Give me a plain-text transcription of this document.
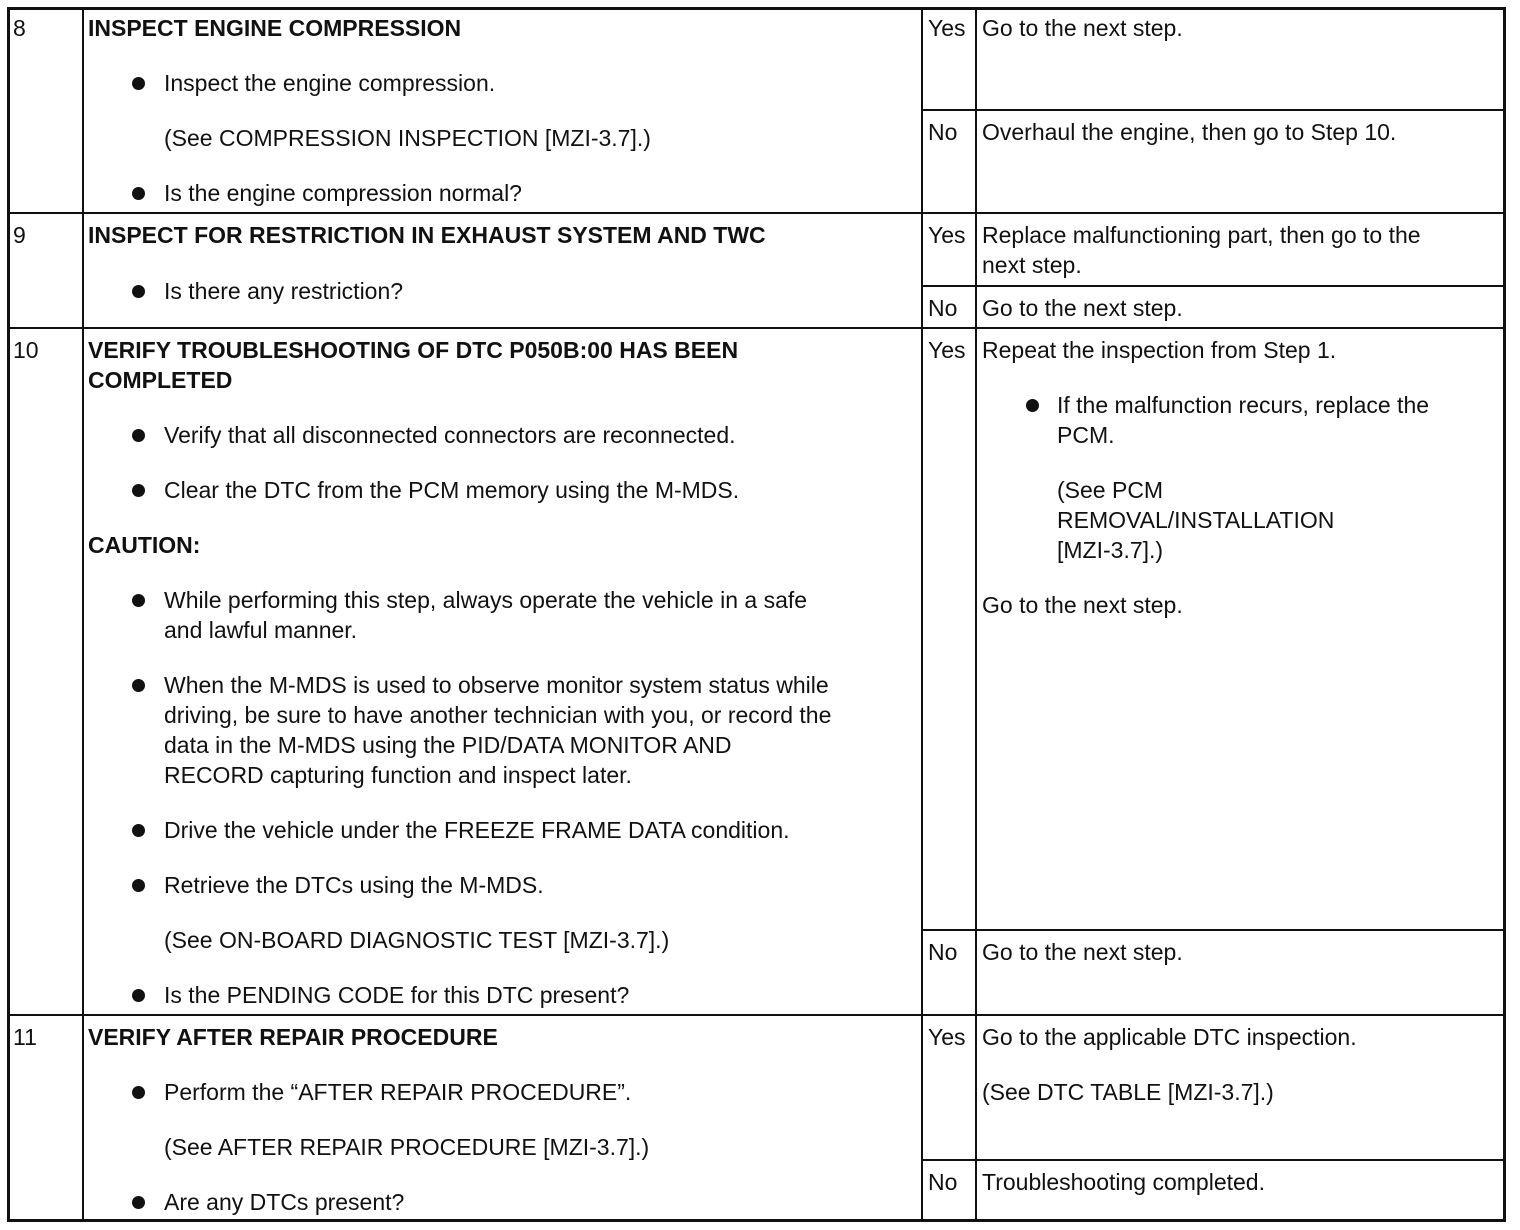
8	INSPECT ENGINE COMPRESSION
Inspect the engine compression.
(See COMPRESSION INSPECTION [MZI-3.7].)
Is the engine compression normal?
Yes Go to the next step.
No Overhaul the engine, then go to Step 10.
9	INSPECT FOR RESTRICTION IN EXHAUST SYSTEM AND TWC
Is there any restriction?
Yes Replace malfunctioning part, then go to the
next step.
No Go to the next step.
10 VERIFY TROUBLESHOOTING OF DTC P050B:00 HAS BEEN
COMPLETED
Verify that all disconnected connectors are reconnected.
Clear the DTC from the PCM memory using the M-MDS.
CAUTION:
While performing this step, always operate the vehicle in a safe
and lawful manner.
When the M-MDS is used to observe monitor system status while
driving, be sure to have another technician with you, or record the
data in the M-MDS using the PID/DATA MONITOR AND
RECORD capturing function and inspect later.
Drive the vehicle under the FREEZE FRAME DATA condition.
Retrieve the DTCs using the M-MDS.
(See ON-BOARD DIAGNOSTIC TEST [MZI-3.7].)
Is the PENDING CODE for this DTC present?
Yes Repeat the inspection from Step 1.
If the malfunction recurs, replace the
PCM.
(See PCM
REMOVAL/INSTALLATION
[MZI-3.7].)
Go to the next step.
No Go to the next step.
11 VERIFY AFTER REPAIR PROCEDURE
Perform the “AFTER REPAIR PROCEDURE”.
(See AFTER REPAIR PROCEDURE [MZI-3.7].)
Are any DTCs present?
Yes Go to the applicable DTC inspection.
(See DTC TABLE [MZI-3.7].)
No Troubleshooting completed.
